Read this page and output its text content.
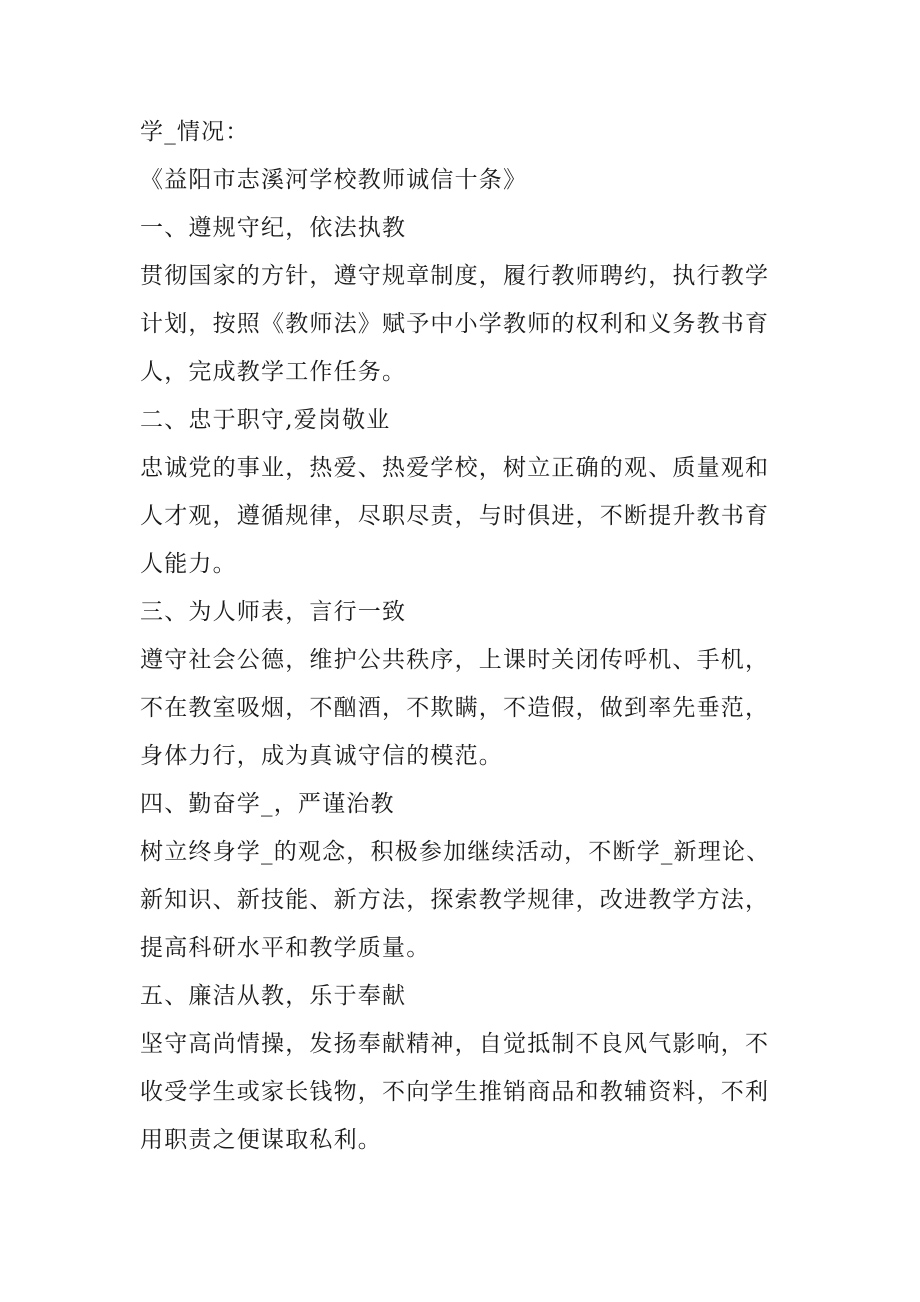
学_情况：
《益阳市志溪河学校教师诚信十条》
一、遵规守纪，依法执教
贯彻国家的方针，遵守规章制度，履行教师聘约，执行教学
计划，按照《教师法》赋予中小学教师的权利和义务教书育
人，完成教学工作任务。
二、忠于职守,爱岗敬业
忠诚党的事业，热爱、热爱学校，树立正确的观、质量观和
人才观，遵循规律，尽职尽责，与时俱进，不断提升教书育
人能力。
三、为人师表，言行一致
遵守社会公德，维护公共秩序，上课时关闭传呼机、手机，
不在教室吸烟，不酗酒，不欺瞒，不造假，做到率先垂范，
身体力行，成为真诚守信的模范。
四、勤奋学_，严谨治教
树立终身学_的观念，积极参加继续活动，不断学_新理论、
新知识、新技能、新方法，探索教学规律，改进教学方法，
提高科研水平和教学质量。
五、廉洁从教，乐于奉献
坚守高尚情操，发扬奉献精神，自觉抵制不良风气影响，不
收受学生或家长钱物，不向学生推销商品和教辅资料，不利
用职责之便谋取私利。
